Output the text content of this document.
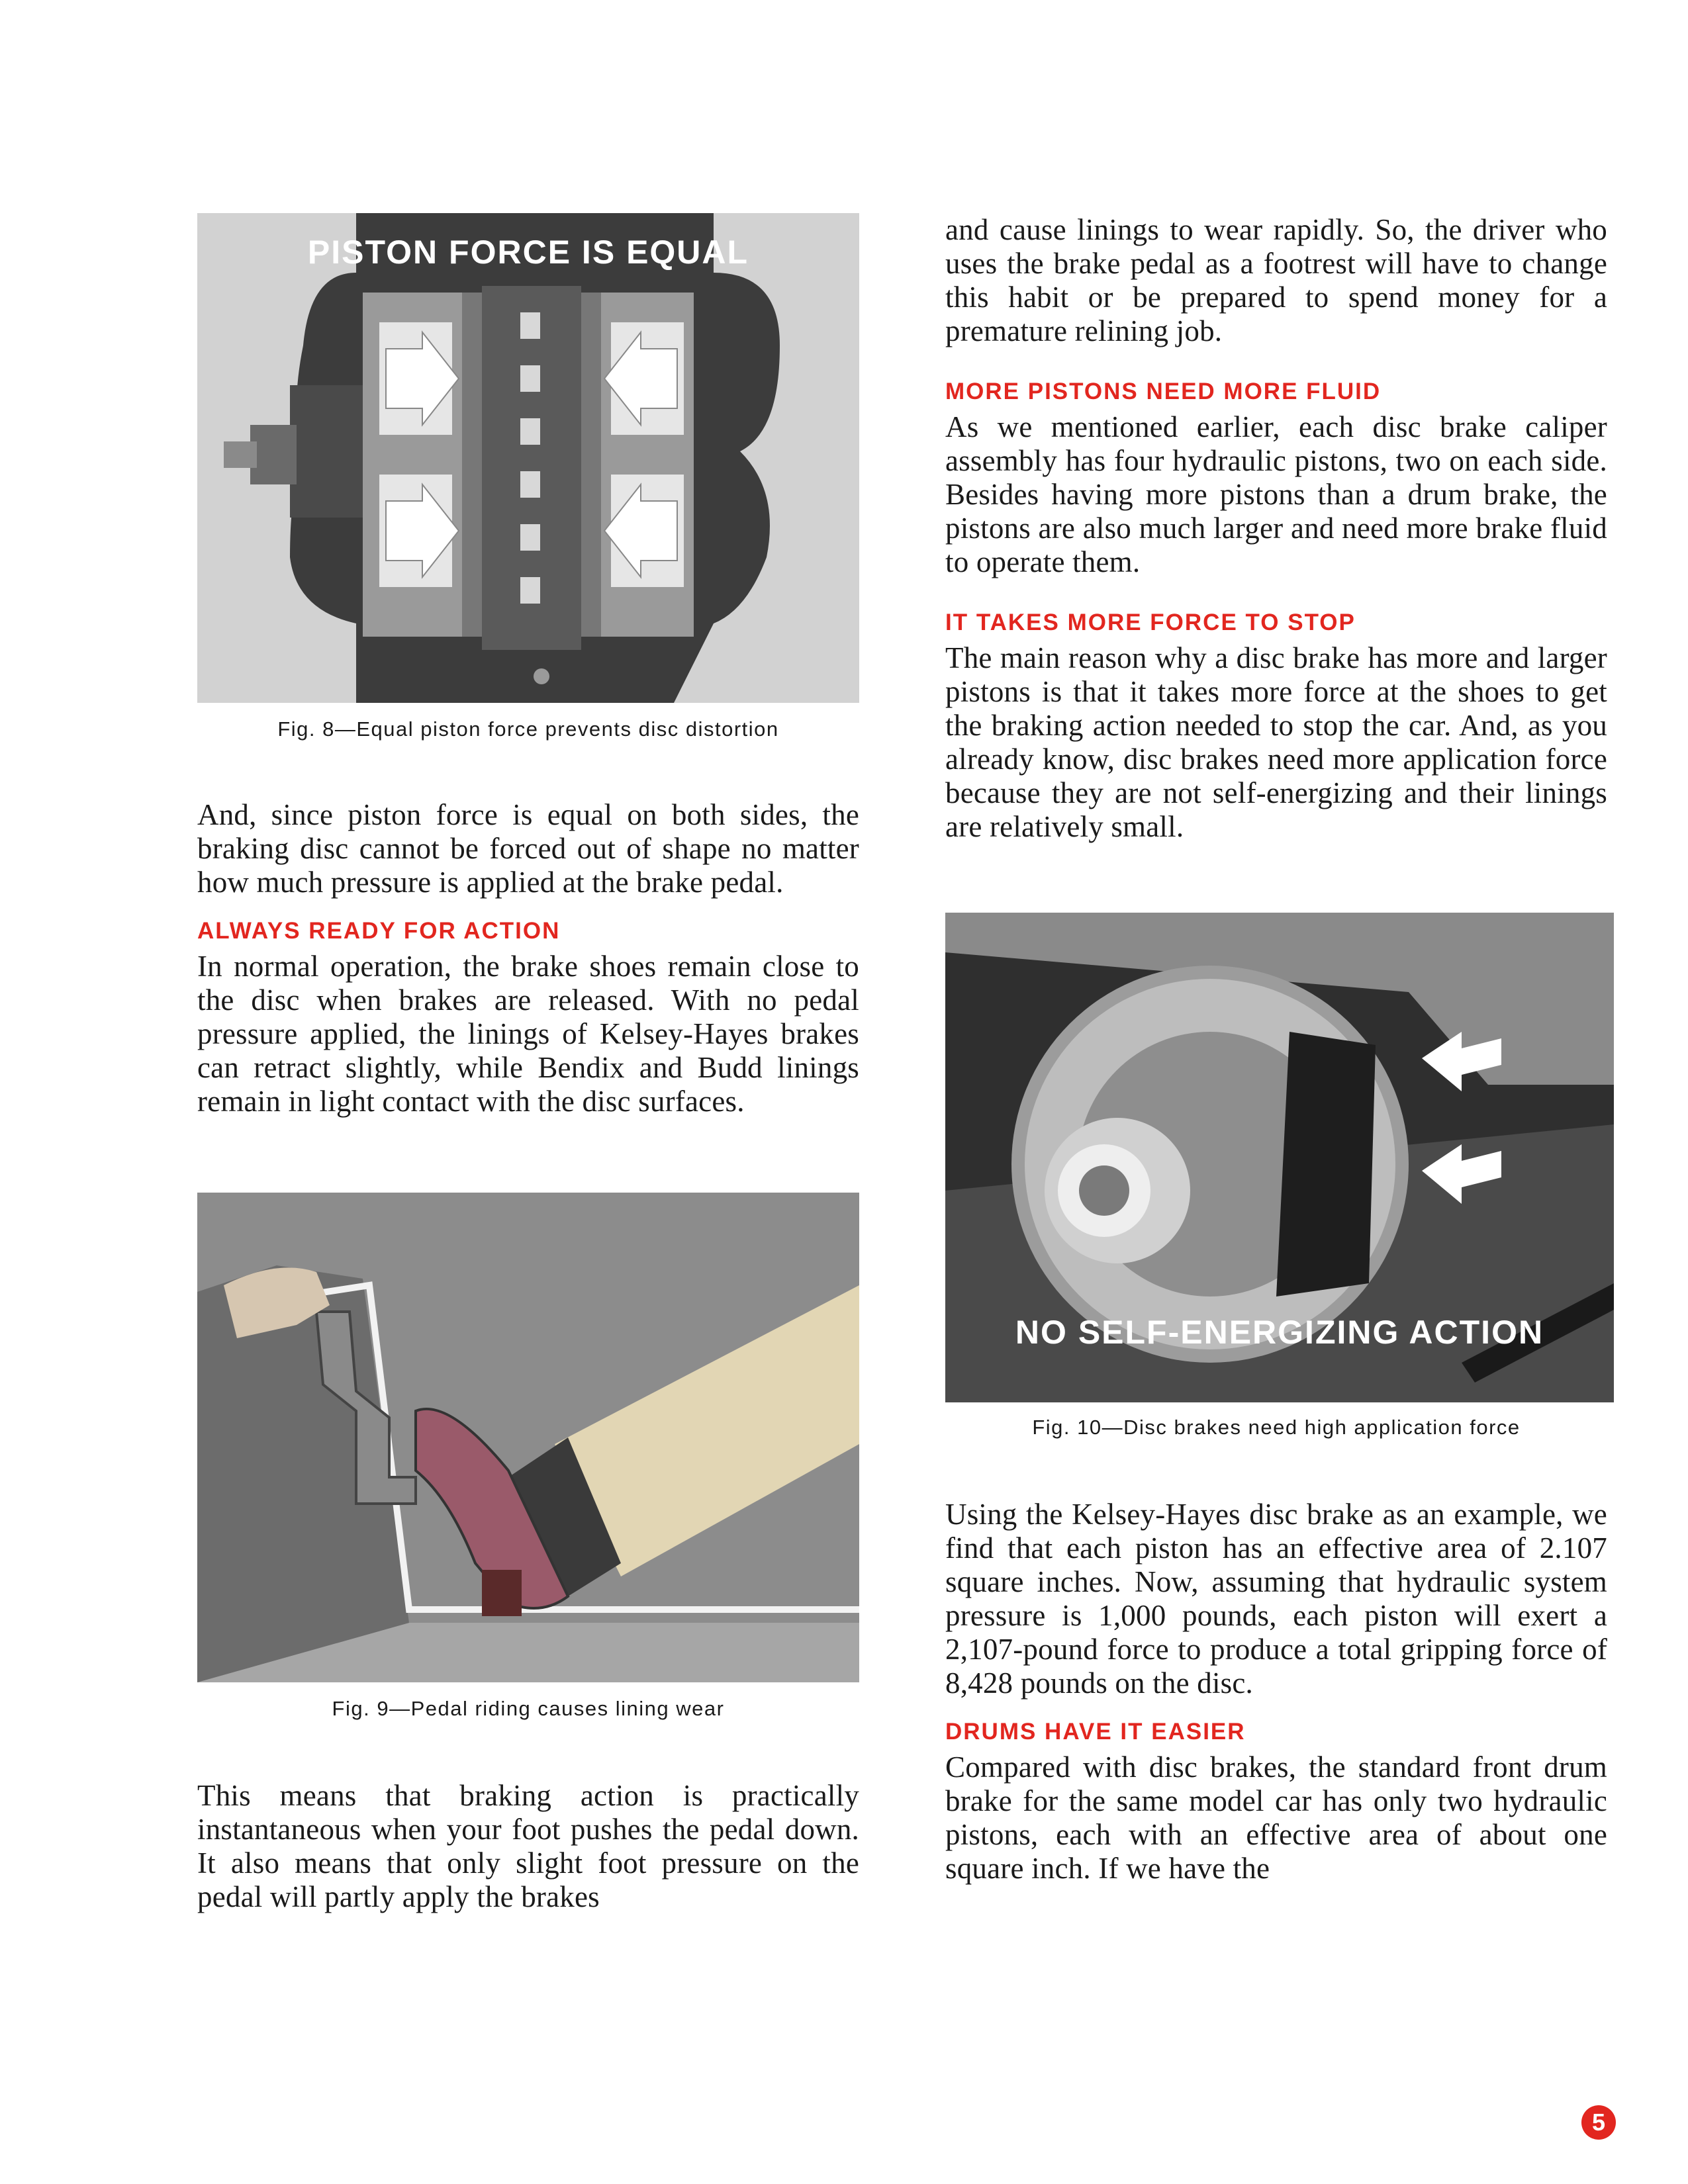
PISTON FORCE IS EQUAL

Fig. 8—Equal piston force prevents disc distortion

And, since piston force is equal on both sides, the braking disc cannot be forced out of shape no matter how much pressure is applied at the brake pedal.

ALWAYS READY FOR ACTION

In normal operation, the brake shoes remain close to the disc when brakes are released. With no pedal pressure applied, the linings of Kelsey-Hayes brakes can retract slightly, while Bendix and Budd linings remain in light contact with the disc surfaces.

Fig. 9—Pedal riding causes lining wear

This means that braking action is practically instantaneous when your foot pushes the pedal down. It also means that only slight foot pressure on the pedal will partly apply the brakes

and cause linings to wear rapidly. So, the driver who uses the brake pedal as a footrest will have to change this habit or be prepared to spend money for a premature relining job.

MORE PISTONS NEED MORE FLUID

As we mentioned earlier, each disc brake caliper assembly has four hydraulic pistons, two on each side. Besides having more pistons than a drum brake, the pistons are also much larger and need more brake fluid to operate them.

IT TAKES MORE FORCE TO STOP

The main reason why a disc brake has more and larger pistons is that it takes more force at the shoes to get the braking action needed to stop the car. And, as you already know, disc brakes need more application force because they are not self-energizing and their linings are relatively small.

NO SELF-ENERGIZING ACTION

Fig. 10—Disc brakes need high application force

Using the Kelsey-Hayes disc brake as an example, we find that each piston has an effective area of 2.107 square inches. Now, assuming that hydraulic system pressure is 1,000 pounds, each piston will exert a 2,107-pound force to produce a total gripping force of 8,428 pounds on the disc.

DRUMS HAVE IT EASIER

Compared with disc brakes, the standard front drum brake for the same model car has only two hydraulic pistons, each with an effective area of about one square inch. If we have the

5
